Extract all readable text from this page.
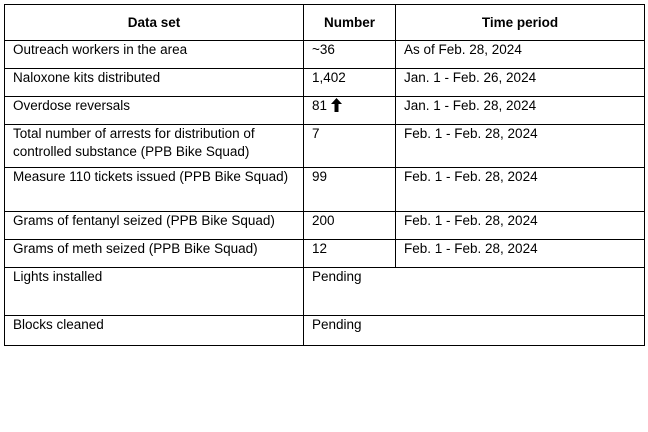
Data set	Number	Time period
Outreach workers in the area	~36	As of Feb. 28, 2024
Naloxone kits distributed	1,402	Jan. 1 - Feb. 26, 2024
Overdose reversals	81	Jan. 1 - Feb. 28, 2024
Total number of arrests for distribution of controlled substance (PPB Bike Squad)	7	Feb. 1 - Feb. 28, 2024
Measure 110 tickets issued (PPB Bike Squad)	99	Feb. 1 - Feb. 28, 2024
Grams of fentanyl seized (PPB Bike Squad)	200	Feb. 1 - Feb. 28, 2024
Grams of meth seized (PPB Bike Squad)	12	Feb. 1 - Feb. 28, 2024
Lights installed	Pending	
Blocks cleaned	Pending	
